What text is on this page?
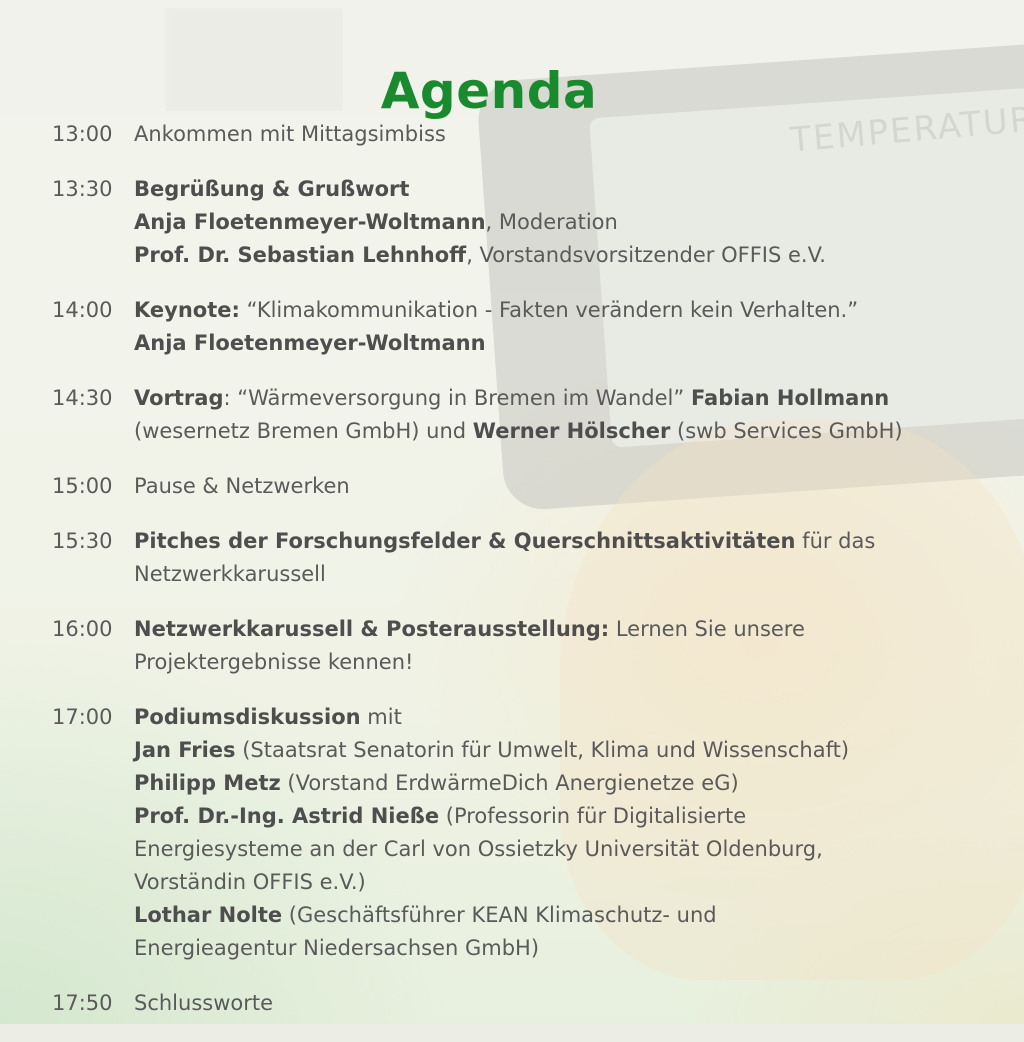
Agenda
13:00	Ankommen mit Mittagsimbiss
13:30	Begrüßung & Grußwort
Anja Floetenmeyer-Woltmann, Moderation
Prof. Dr. Sebastian Lehnhoff, Vorstandsvorsitzender OFFIS e.V.
14:00	Keynote: “Klimakommunikation - Fakten verändern kein Verhalten.”
Anja Floetenmeyer-Woltmann
14:30	Vortrag: “Wärmeversorgung in Bremen im Wandel” Fabian Hollmann
(wesernetz Bremen GmbH) und Werner Hölscher (swb Services GmbH)
15:00	Pause & Netzwerken
15:30	Pitches der Forschungsfelder & Querschnittsaktivitäten für das
Netzwerkkarussell
16:00	Netzwerkkarussell & Posterausstellung: Lernen Sie unsere
Projektergebnisse kennen!
17:00	Podiumsdiskussion mit
Jan Fries (Staatsrat Senatorin für Umwelt, Klima und Wissenschaft)
Philipp Metz (Vorstand ErdwärmeDich Anergienetze eG)
Prof. Dr.-Ing. Astrid Nieße (Professorin für Digitalisierte
Energiesysteme an der Carl von Ossietzky Universität Oldenburg,
Vorständin OFFIS e.V.)
Lothar Nolte (Geschäftsführer KEAN Klimaschutz- und
Energieagentur Niedersachsen GmbH)
17:50	Schlussworte
